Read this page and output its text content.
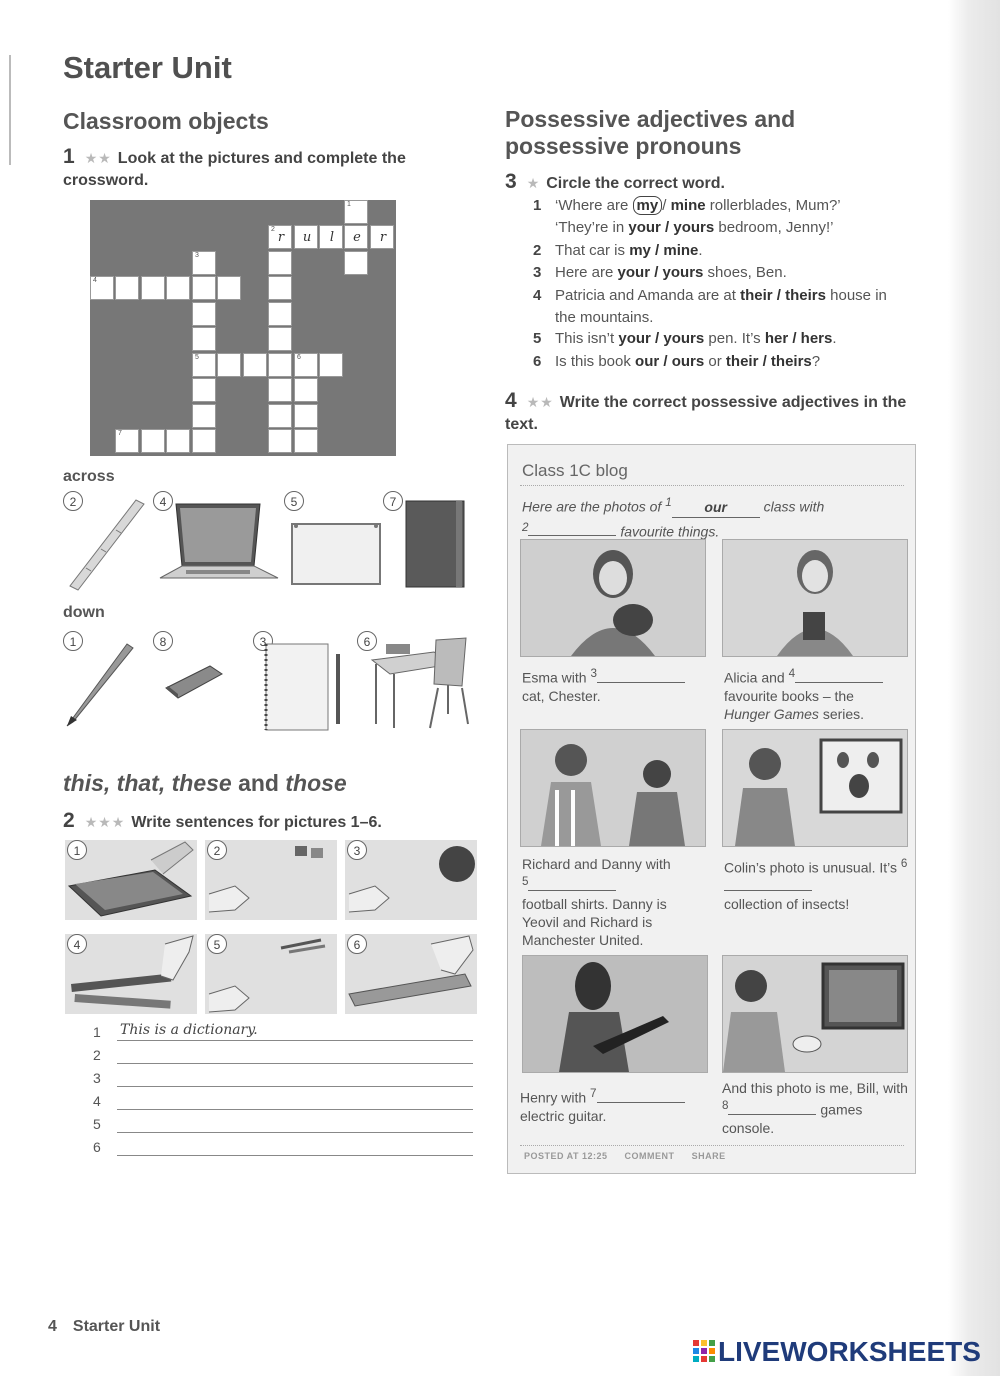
Starter Unit
Classroom objects
1 ★★ Look at the pictures and complete the crossword.
1
2
r	u	l	e	r
3
4
6
7
5
across
2	4	5	7
down
1	8	3	6
this, that, these and those
2 ★★★ Write sentences for pictures 1–6.
1	2	3
4	5	6
1 This is a dictionary.
2
3
4
5
6
Possessive adjectives and
possessive pronouns
3 ★ Circle the correct word.
1 ‘Where are my / mine rollerblades, Mum?’
‘They’re in your / yours bedroom, Jenny!’
2 That car is my / mine.
3 Here are your / yours shoes, Ben.
4 Patricia and Amanda are at their / theirs house in
the mountains.
5 This isn’t your / yours pen. It’s her / hers.
6 Is this book our / ours or their / theirs?
4 ★★ Write the correct possessive adjectives in the text.
Class 1C blog
Here are the photos of $^1$ our class with
$^2$	favourite things.
Esma with $^3$
cat, Chester.
Alicia and $^4$
favourite books – the
Hunger Games series.
Richard and Danny with
$^5$
football shirts. Danny is Yeovil and Richard is Manchester United.
Colin’s photo is unusual. It’s $^6$
collection of insects!
Henry with $^7$
electric guitar.
And this photo is me, Bill, with $^8$	games console.
POSTED AT 12:25 COMMENT SHARE
4 Starter Unit
LIVEWORKSHEETS
